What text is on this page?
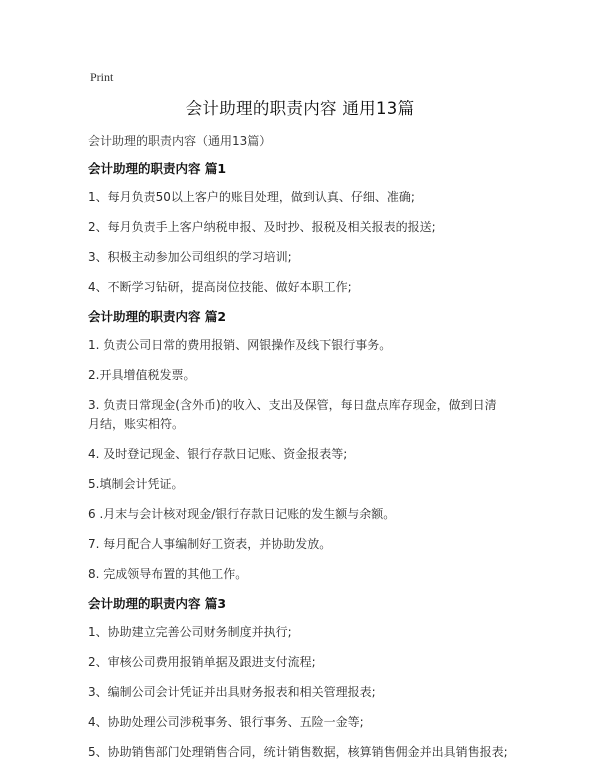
Print
会计助理的职责内容 通用13篇

会计助理的职责内容（通用13篇）

会计助理的职责内容 篇1

1、每月负责50以上客户的账目处理，做到认真、仔细、准确;

2、每月负责手上客户纳税申报、及时抄、报税及相关报表的报送;

3、积极主动参加公司组织的学习培训;

4、不断学习钻研，提高岗位技能、做好本职工作;

会计助理的职责内容 篇2

1. 负责公司日常的费用报销、网银操作及线下银行事务。

2.开具增值税发票。

3. 负责日常现金(含外币)的收入、支出及保管，每日盘点库存现金，做到日清月结，账实相符。

4. 及时登记现金、银行存款日记账、资金报表等;

5.填制会计凭证。

6 .月末与会计核对现金/银行存款日记账的发生额与余额。

7. 每月配合人事编制好工资表，并协助发放。

8. 完成领导布置的其他工作。

会计助理的职责内容 篇3

1、协助建立完善公司财务制度并执行;

2、审核公司费用报销单据及跟进支付流程;

3、编制公司会计凭证并出具财务报表和相关管理报表;

4、协助处理公司涉税事务、银行事务、五险一金等;

5、协助销售部门处理销售合同，统计销售数据，核算销售佣金并出具销售报表;
